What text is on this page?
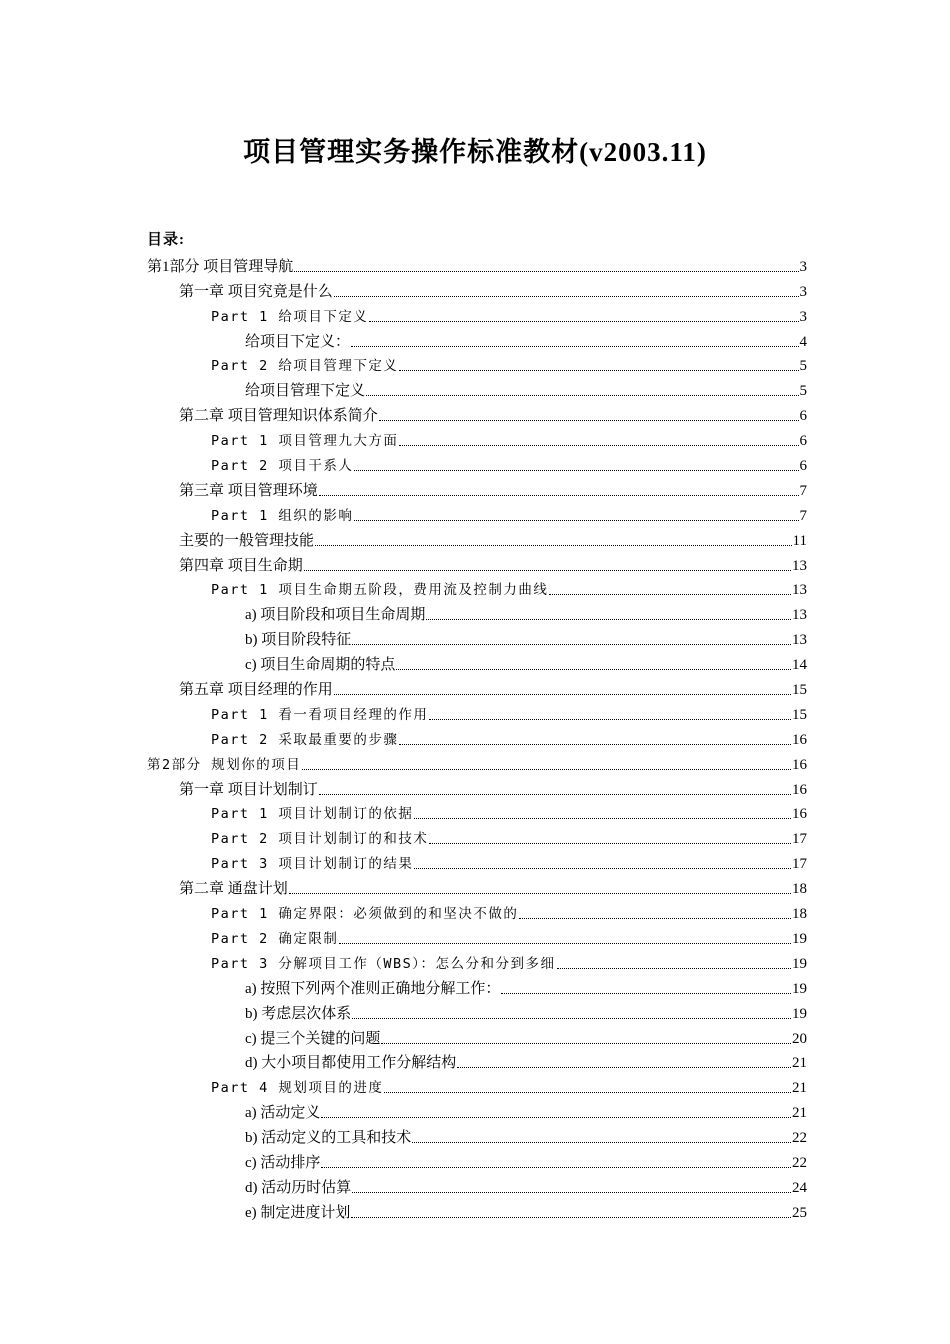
项目管理实务操作标准教材(v2003.11)
目录:
第1部分 项目管理导航	3
第一章 项目究竟是什么	3
Part 1 给项目下定义	3
给项目下定义：	4
Part 2 给项目管理下定义	5
给项目管理下定义	5
第二章 项目管理知识体系简介	6
Part 1 项目管理九大方面	6
Part 2 项目干系人	6
第三章 项目管理环境	7
Part 1 组织的影响	7
主要的一般管理技能	11
第四章 项目生命期	13
Part 1 项目生命期五阶段，费用流及控制力曲线	13
a) 项目阶段和项目生命周期	13
b) 项目阶段特征	13
c) 项目生命周期的特点	14
第五章 项目经理的作用	15
Part 1 看一看项目经理的作用	15
Part 2 采取最重要的步骤	16
第2部分 规划你的项目	16
第一章 项目计划制订	16
Part 1 项目计划制订的依据	16
Part 2 项目计划制订的和技术	17
Part 3 项目计划制订的结果	17
第二章 通盘计划	18
Part 1 确定界限：必须做到的和坚决不做的	18
Part 2 确定限制	19
Part 3 分解项目工作（WBS）：怎么分和分到多细	19
a) 按照下列两个准则正确地分解工作：	19
b) 考虑层次体系	19
c) 提三个关键的问题	20
d) 大小项目都使用工作分解结构	21
Part 4 规划项目的进度	21
a) 活动定义	21
b) 活动定义的工具和技术	22
c) 活动排序	22
d) 活动历时估算	24
e) 制定进度计划	25
